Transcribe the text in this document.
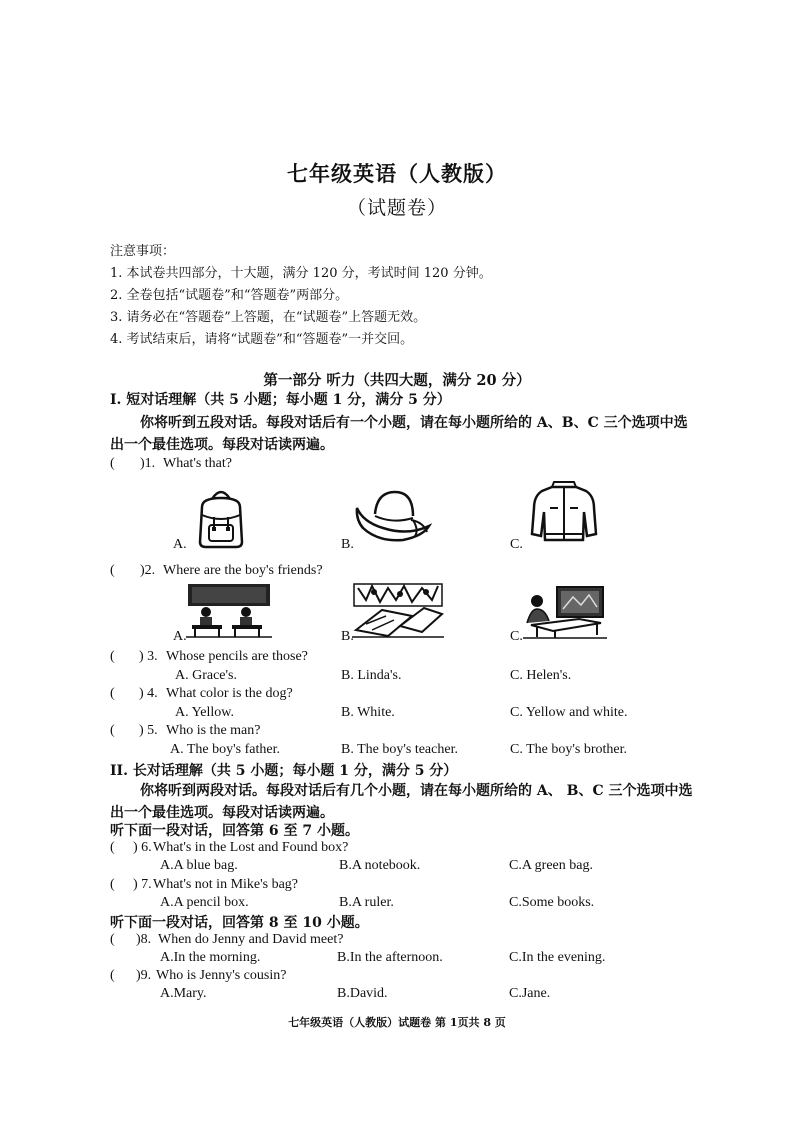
七年级英语（人教版）
（试题卷）
注意事项：
1. 本试卷共四部分，十大题，满分 120 分，考试时间 120 分钟。
2. 全卷包括“试题卷”和“答题卷”两部分。
3. 请务必在“答题卷”上答题，在“试题卷”上答题无效。
4. 考试结束后，请将“试题卷”和“答题卷”一并交回。
第一部分 听力（共四大题，满分 20 分）
I. 短对话理解（共 5 小题；每小题 1 分，满分 5 分）
你将听到五段对话。每段对话后有一个小题，请在每小题所给的 A、B、C 三个选项中选
出一个最佳选项。每段对话读两遍。
( )1. What's that?
A.	B.	C.
( )2. Where are the boy's friends?
A.	B.	C.
( ) 3. Whose pencils are those?
A. Grace's.	B. Linda's.	C. Helen's.
( ) 4. What color is the dog?
A. Yellow.	B. White.	C. Yellow and white.
( ) 5. Who is the man?
A. The boy's father.	B. The boy's teacher.	C. The boy's brother.
II. 长对话理解（共 5 小题；每小题 1 分，满分 5 分）
你将听到两段对话。每段对话后有几个小题，请在每小题所给的 A、 B、C 三个选项中选
出一个最佳选项。每段对话读两遍。
听下面一段对话，回答第 6 至 7 小题。
( ) 6. What's in the Lost and Found box?
A.A blue bag.	B.A notebook.	C.A green bag.
( ) 7. What's not in Mike's bag?
A.A pencil box.	B.A ruler.	C.Some books.
听下面一段对话，回答第 8 至 10 小题。
( )8. When do Jenny and David meet?
A.In the morning.	B.In the afternoon.	C.In the evening.
( )9. Who is Jenny's cousin?
A.Mary.	B.David.	C.Jane.
七年级英语（人教版）试题卷 第 1页共 8 页
